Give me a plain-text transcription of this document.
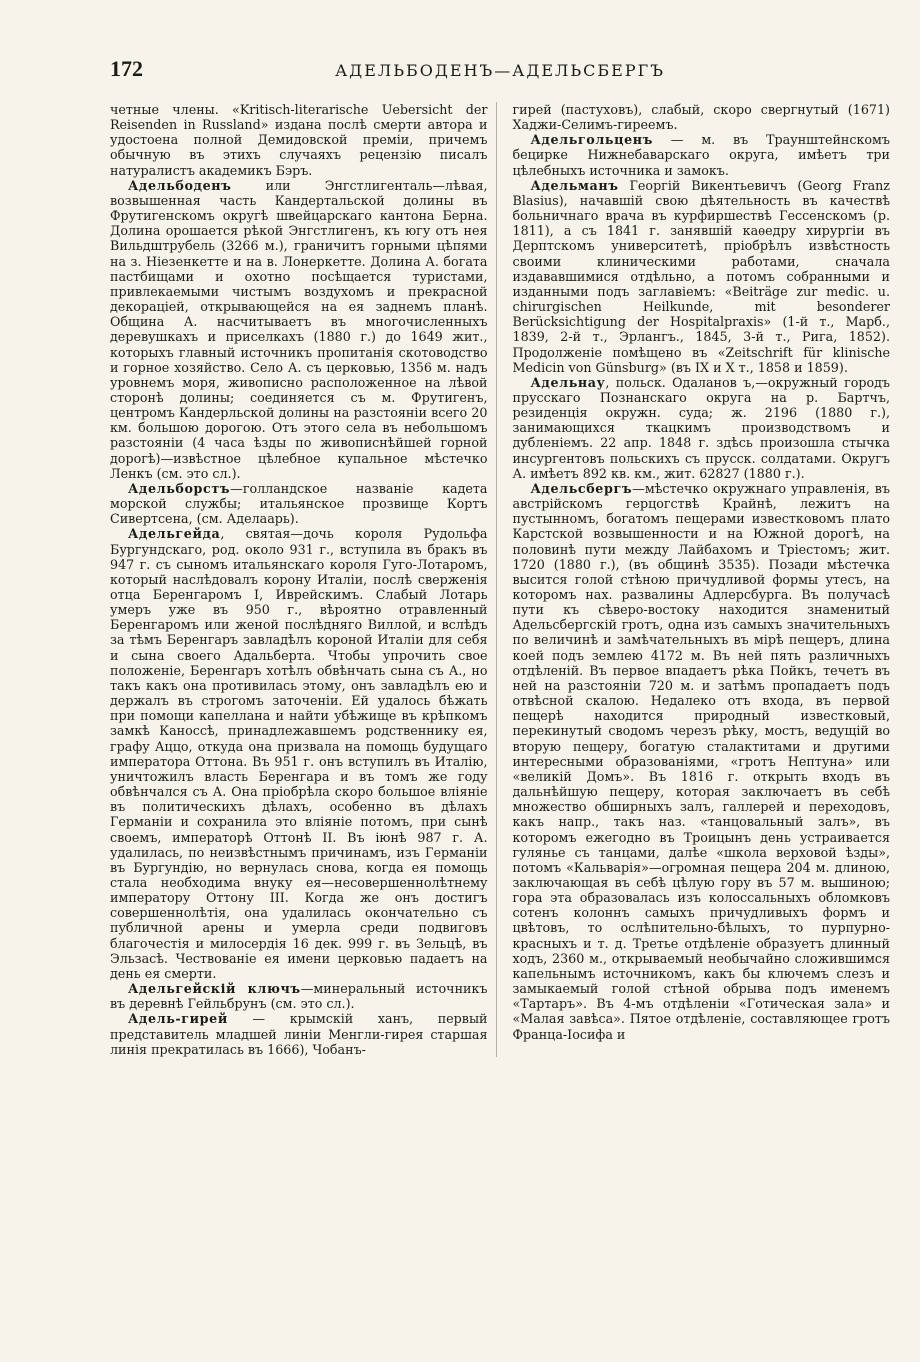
172	АДЕЛЬБОДЕНЪ—АДЕЛЬСБЕРГЪ

четные члены. «Kritisch-literarische Uebersicht der Reisenden in Russland» издана послѣ смерти автора и удостоена полной Демидовской преміи, причемъ обычную въ этихъ случаяхъ рецензію писалъ натуралистъ академикъ Бэръ.

Адельбоденъ или Энгстлигенталь—лѣвая, возвышенная часть Кандертальской долины въ Фрутигенскомъ округѣ швейцарскаго кантона Берна. Долина орошается рѣкой Энгстлигенъ, къ югу отъ нея Вильдштрубель (3266 м.), граничитъ горными цѣпями на з. Ніезенкетте и на в. Лонеркетте. Долина А. богата пастбищами и охотно посѣщается туристами, привлекаемыми чистымъ воздухомъ и прекрасной декораціей, открывающейся на ея заднемъ планѣ. Община А. насчитываетъ въ многочисленныхъ деревушкахъ и приселкахъ (1880 г.) до 1649 жит., которыхъ главный источникъ пропитанія скотоводство и горное хозяйство. Село А. съ церковью, 1356 м. надъ уровнемъ моря, живописно расположенное на лѣвой сторонѣ долины; соединяется съ м. Фрутигенъ, центромъ Кандерльской долины на разстояніи всего 20 км. большою дорогою. Отъ этого села въ небольшомъ разстояніи (4 часа ѣзды по живописнѣйшей горной дорогѣ)—извѣстное цѣлебное купальное мѣстечко Ленкъ (см. это сл.).

Адельборстъ—голландское названіе кадета морской службы; итальянское прозвище Кортъ Сивертсена, (см. Аделаарь).

Адельгейда, святая—дочь короля Рудольфа Бургундскаго, род. около 931 г., вступила въ бракъ въ 947 г. съ сыномъ итальянскаго короля Гуго-Лотаромъ, который наслѣдовалъ корону Италіи, послѣ сверженія отца Беренгаромъ I, Иврейскимъ. Слабый Лотарь умеръ уже въ 950 г., вѣроятно отравленный Беренгаромъ или женой послѣдняго Виллой, и вслѣдъ за тѣмъ Беренгаръ завладѣлъ короной Италіи для себя и сына своего Адальберта. Чтобы упрочить свое положеніе, Беренгаръ хотѣлъ обвѣнчать сына съ А., но такъ какъ она противилась этому, онъ завладѣлъ ею и держалъ въ строгомъ заточеніи. Ей удалось бѣжать при помощи капеллана и найти убѣжище въ крѣпкомъ замкѣ Каноссѣ, принадлежавшемъ родственнику ея, графу Аццо, откуда она призвала на помощь будущаго императора Оттона. Въ 951 г. онъ вступилъ въ Италію, уничтожилъ власть Беренгара и въ томъ же году обвѣнчался съ А. Она пріобрѣла скоро большое вліяніе въ политическихъ дѣлахъ, особенно въ дѣлахъ Германіи и сохранила это вліяніе потомъ, при сынѣ своемъ, императорѣ Оттонѣ II. Въ іюнѣ 987 г. А. удалилась, по неизвѣстнымъ причинамъ, изъ Германіи въ Бургундію, но вернулась снова, когда ея помощь стала необходима внуку ея—несовершеннолѣтнему императору Оттону III. Когда же онъ достигъ совершеннолѣтія, она удалилась окончательно съ публичной арены и умерла среди подвиговъ благочестія и милосердія 16 дек. 999 г. въ Зельцѣ, въ Эльзасѣ. Чествованіе ея имени церковью падаетъ на день ея смерти.

Адельгейскій ключъ—минеральный источникъ въ деревнѣ Гейльбрунъ (см. это сл.).

Адель-гирей — крымскій ханъ, первый представитель младшей линіи Менгли-гирея старшая линія прекратилась въ 1666), Чобанъ-

гирей (пастуховъ), слабый, скоро свергнутый (1671) Хаджи-Селимъ-гиреемъ.

Адельгольценъ — м. въ Траунштейнскомъ бецирке Нижнебаварскаго округа, имѣетъ три цѣлебныхъ источника и замокъ.

Адельманъ Георгій Викентьевичъ (Georg Franz Blasius), начавшій свою дѣятельность въ качествѣ больничнаго врача въ курфиршествѣ Гессенскомъ (р. 1811), а съ 1841 г. занявшій каѳедру хирургіи въ Дерптскомъ университетѣ, пріобрѣлъ извѣстность своими клиническими работами, сначала издававшимися отдѣльно, а потомъ собранными и изданными подъ заглавіемъ: «Beiträge zur medic. u. chirurgischen Heilkunde, mit besonderer Berücksichtigung der Hospitalpraxis» (1-й т., Марб., 1839, 2-й т., Эрлангъ., 1845, 3-й т., Рига, 1852). Продолженіе помѣщено въ «Zeitschrift für klinische Medicin von Günsburg» (въ IX и X т., 1858 и 1859).

Адельнау, польск. Одаланов ъ,—окружный городъ прусскаго Познанскаго округа на р. Бартчъ, резиденція окружн. суда; ж. 2196 (1880 г.), занимающихся ткацкимъ производствомъ и дубленіемъ. 22 апр. 1848 г. здѣсь произошла стычка инсургентовъ польскихъ съ прусск. солдатами. Округъ А. имѣетъ 892 кв. км., жит. 62827 (1880 г.).

Адельсбергъ—мѣстечко окружнаго управленія, въ австрійскомъ герцогствѣ Крайнѣ, лежитъ на пустынномъ, богатомъ пещерами известковомъ плато Карстской возвышенности и на Южной дорогѣ, на половинѣ пути между Лайбахомъ и Тріестомъ; жит. 1720 (1880 г.), (въ общинѣ 3535). Позади мѣстечка высится голой стѣною причудливой формы утесъ, на которомъ нах. развалины Адлерсбурга. Въ получасѣ пути къ сѣверо-востоку находится знаменитый Адельсбергскій гротъ, одна изъ самыхъ значительныхъ по величинѣ и замѣчательныхъ въ мірѣ пещеръ, длина коей подъ землею 4172 м. Въ ней пять различныхъ отдѣленій. Въ первое впадаетъ рѣка Пойкъ, течетъ въ ней на разстояніи 720 м. и затѣмъ пропадаетъ подъ отвѣсной скалою. Недалеко отъ входа, въ первой пещерѣ находится природный известковый, перекинутый сводомъ черезъ рѣку, мостъ, ведущій во вторую пещеру, богатую сталактитами и другими интересными образованіями, «гротъ Нептуна» или «великій Домъ». Въ 1816 г. открыть входъ въ дальнѣйшую пещеру, которая заключаетъ въ себѣ множество обширныхъ залъ, галлерей и переходовъ, какъ напр., такъ наз. «танцовальный залъ», въ которомъ ежегодно въ Троицынъ день устраивается гулянье съ танцами, далѣе «школа верховой ѣзды», потомъ «Кальварія»—огромная пещера 204 м. длиною, заключающая въ себѣ цѣлую гору въ 57 м. вышиною; гора эта образовалась изъ колоссальныхъ обломковъ сотенъ колоннъ самыхъ причудливыхъ формъ и цвѣтовъ, то ослѣпительно-бѣлыхъ, то пурпурно-красныхъ и т. д. Третье отдѣленіе образуетъ длинный ходъ, 2360 м., открываемый необычайно сложившимся капельнымъ источникомъ, какъ бы ключемъ слезъ и замыкаемый голой стѣной обрыва подъ именемъ «Тартаръ». Въ 4-мъ отдѣленіи «Готическая зала» и «Малая завѣса». Пятое отдѣленіе, составляющее гротъ Франца-Іосифа и
